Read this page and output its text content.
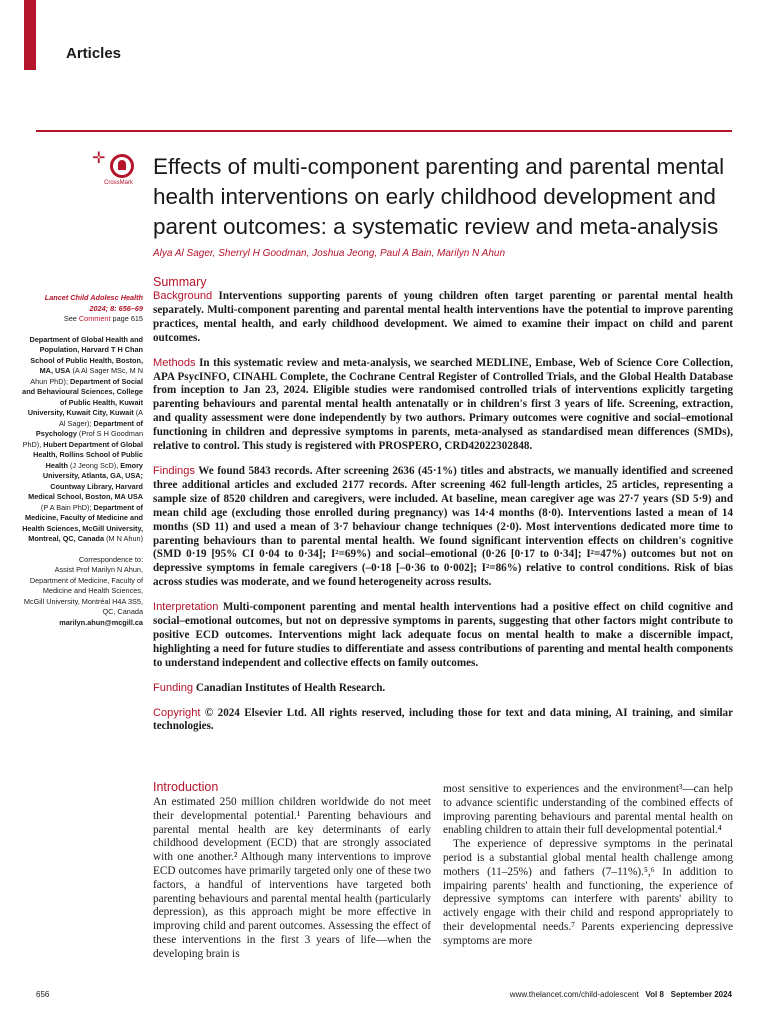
Articles
✛
CrossMark
Effects of multi-component parenting and parental mental health interventions on early childhood development and parent outcomes: a systematic review and meta-analysis
Alya Al Sager, Sherryl H Goodman, Joshua Jeong, Paul A Bain, Marilyn N Ahun

Lancet Child Adolesc Health
2024; 8: 656–69
See Comment page 615

Department of Global Health and Population, Harvard T H Chan School of Public Health, Boston, MA, USA (A Al Sager MSc, M N Ahun PhD); Department of Social and Behavioural Sciences, College of Public Health, Kuwait University, Kuwait City, Kuwait (A Al Sager); Department of Psychology (Prof S H Goodman PhD), Hubert Department of Global Health, Rollins School of Public Health (J Jeong ScD), Emory University, Atlanta, GA, USA; Countway Library, Harvard Medical School, Boston, MA USA (P A Bain PhD); Department of Medicine, Faculty of Medicine and Health Sciences, McGill University, Montreal, QC, Canada (M N Ahun)

Correspondence to:
Assist Prof Marilyn N Ahun,
Department of Medicine, Faculty of Medicine and Health Sciences, McGill University, Montréal H4A 3S5, QC, Canada
marilyn.ahun@mcgill.ca

Summary

Background Interventions supporting parents of young children often target parenting or parental mental health separately. Multi-component parenting and parental mental health interventions have the potential to improve parenting practices, mental health, and early childhood development. We aimed to examine their impact on child and parent outcomes.

Methods In this systematic review and meta-analysis, we searched MEDLINE, Embase, Web of Science Core Collection, APA PsycINFO, CINAHL Complete, the Cochrane Central Register of Controlled Trials, and the Global Health Database from inception to Jan 23, 2024. Eligible studies were randomised controlled trials of interventions explicitly targeting parenting behaviours and parental mental health antenatally or in children's first 3 years of life. Screening, extraction, and quality assessment were done independently by two authors. Primary outcomes were cognitive and social–emotional functioning in children and depressive symptoms in parents, meta-analysed as standardised mean differences (SMDs), relative to control. This study is registered with PROSPERO, CRD42022302848.

Findings We found 5843 records. After screening 2636 (45·1%) titles and abstracts, we manually identified and screened three additional articles and excluded 2177 records. After screening 462 full-length articles, 25 articles, representing a sample size of 8520 children and caregivers, were included. At baseline, mean caregiver age was 27·7 years (SD 5·9) and mean child age (excluding those enrolled during pregnancy) was 14·4 months (8·0). Interventions lasted a mean of 14 months (SD 11) and used a mean of 3·7 behaviour change techniques (2·0). Most interventions dedicated more time to parenting behaviours than to parental mental health. We found significant intervention effects on children's cognitive (SMD 0·19 [95% CI 0·04 to 0·34]; I²=69%) and social–emotional (0·26 [0·17 to 0·34]; I²=47%) outcomes but not on depressive symptoms in female caregivers (–0·18 [–0·36 to 0·002]; I²=86%) relative to control conditions. Risk of bias across studies was moderate, and we found heterogeneity across results.

Interpretation Multi-component parenting and mental health interventions had a positive effect on child cognitive and social–emotional outcomes, but not on depressive symptoms in parents, suggesting that other factors might contribute to positive ECD outcomes. Interventions might lack adequate focus on mental health to make a discernible impact, highlighting a need for future studies to differentiate and assess contributions of parenting and mental health components to understand independent and collective effects on family outcomes.

Funding Canadian Institutes of Health Research.

Copyright © 2024 Elsevier Ltd. All rights reserved, including those for text and data mining, AI training, and similar technologies.

Introduction

An estimated 250 million children worldwide do not meet their developmental potential.¹ Parenting behaviours and parental mental health are key determinants of early childhood development (ECD) that are strongly associated with one another.² Although many interventions to improve ECD outcomes have primarily targeted only one of these two factors, a handful of interventions have targeted both parenting behaviours and parental mental health (particularly depression), as this approach might be more effective in improving child and parent outcomes. Assessing the effect of these interventions in the first 3 years of life—when the developing brain is

most sensitive to experiences and the environment³—can help to advance scientific understanding of the combined effects of improving parenting behaviours and parental mental health on enabling children to attain their full developmental potential.⁴

The experience of depressive symptoms in the perinatal period is a substantial global mental health challenge among mothers (11–25%) and fathers (7–11%).⁵,⁶ In addition to impairing parents' health and functioning, the experience of depressive symptoms can interfere with parents' ability to actively engage with their child and respond appropriately to their developmental needs.⁷ Parents experiencing depressive symptoms are more

656	www.thelancet.com/child-adolescent Vol 8 September 2024
